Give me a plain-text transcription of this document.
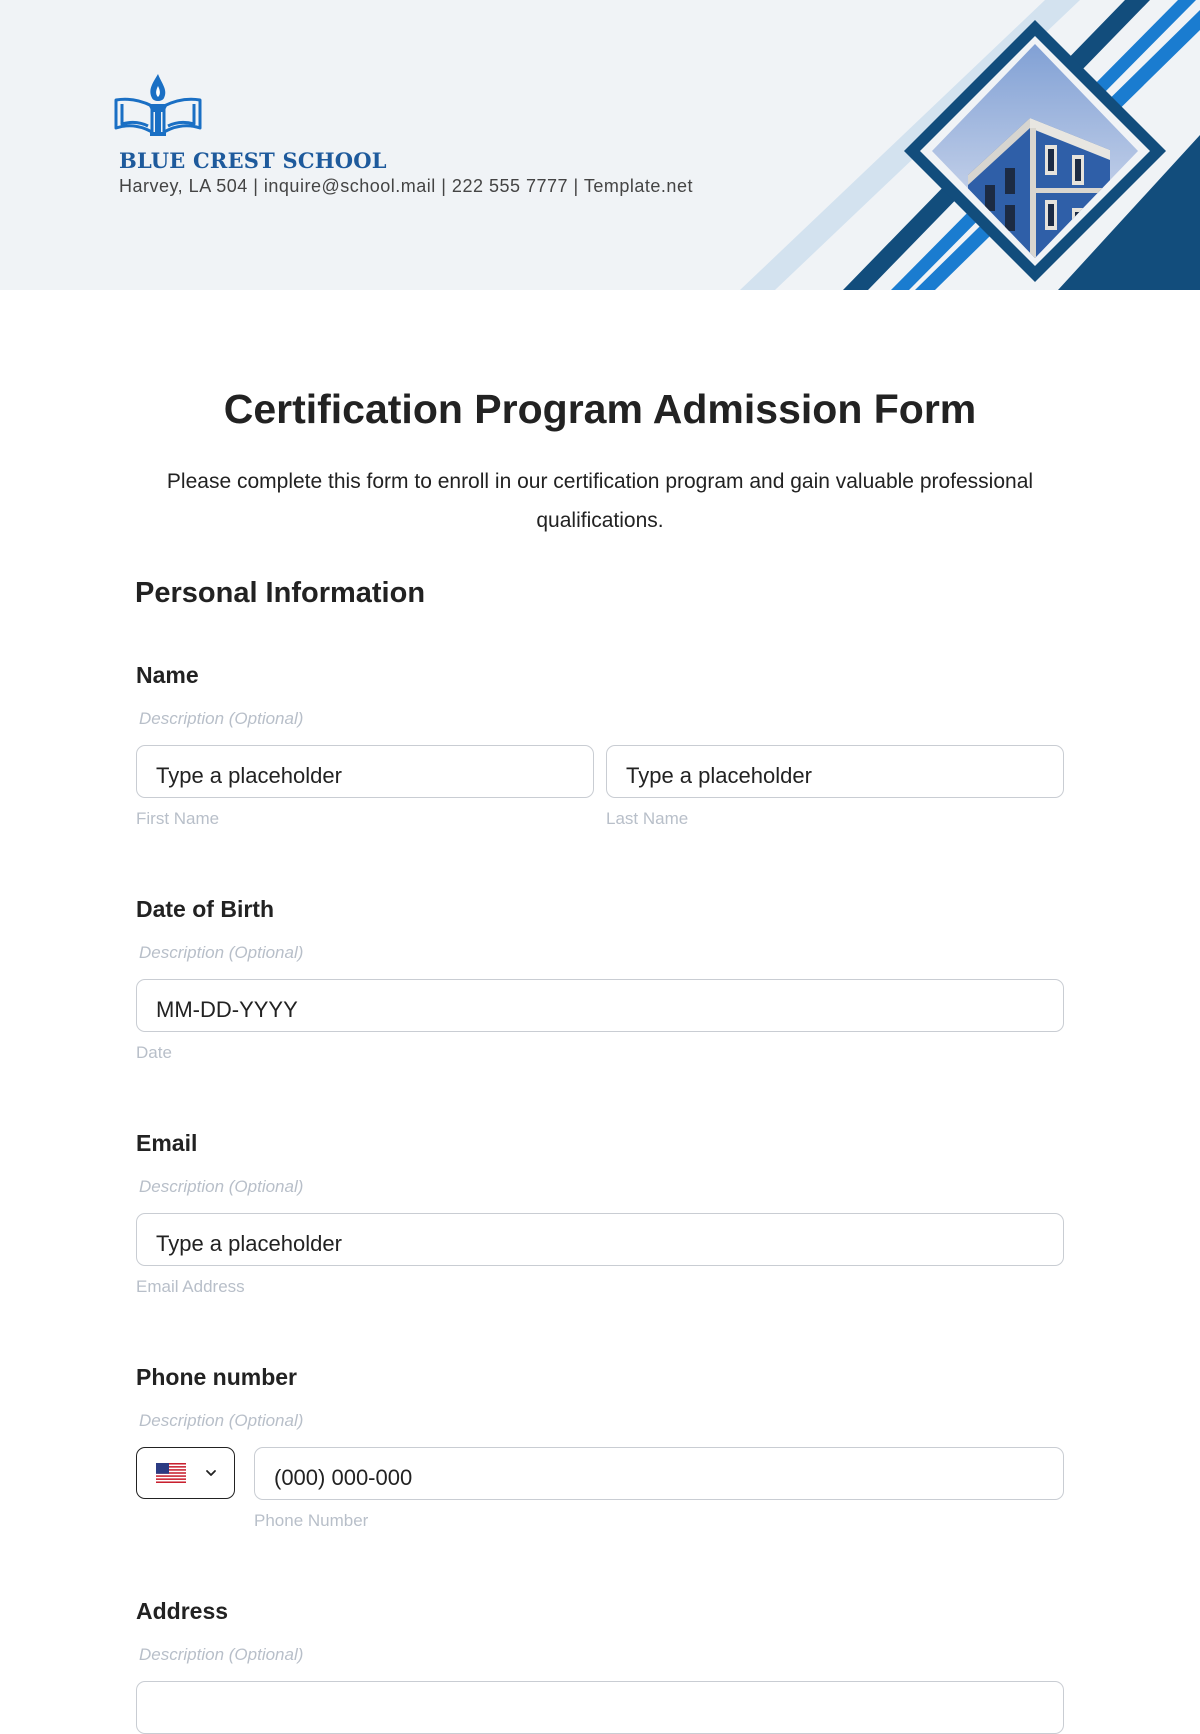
BLUE CREST SCHOOL
Harvey, LA 504 | inquire@school.mail | 222 555 7777 | Template.net
Certification Program Admission Form

Please complete this form to enroll in our certification program and gain valuable professional qualifications.

Personal Information
Name
Description (Optional)
Type a placeholder
First Name
Type a placeholder
Last Name
Date of Birth
Description (Optional)
MM-DD-YYYY
Date
Email
Description (Optional)
Type a placeholder
Email Address
Phone number
Description (Optional)
(000) 000-000
Phone Number
Address
Description (Optional)
